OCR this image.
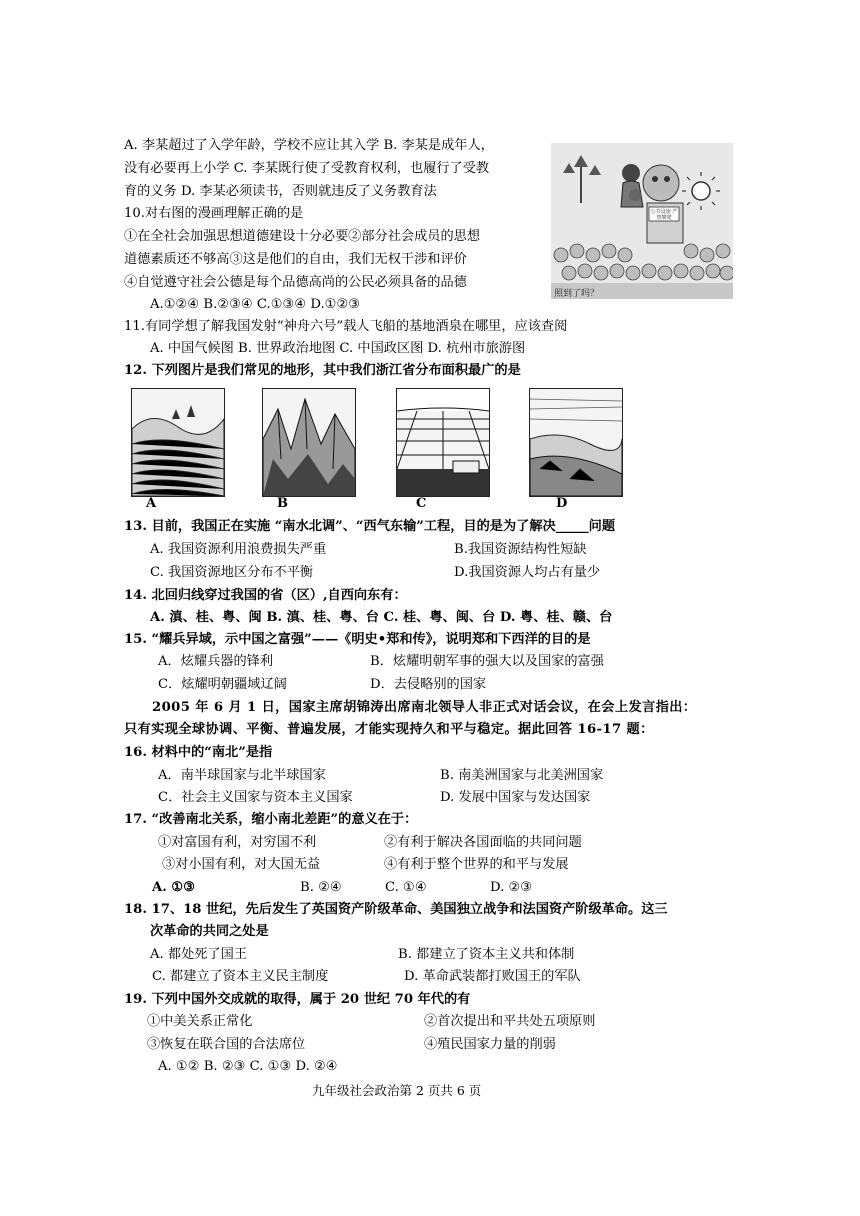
A. 李某超过了入学年龄，学校不应让其入学 B. 李某是成年人，
没有必要再上小学 C. 李某既行使了受教育权利，也履行了受教
育的义务 D. 李某必须读书，否则就违反了义务教育法
10.对右图的漫画理解正确的是
①在全社会加强思想道德建设十分必要②部分社会成员的思想
道德素质还不够高③这是他们的自由，我们无权干涉和评价
④自觉遵守社会公德是每个品德高尚的公民必须具备的品德
A.①②④ B.②③④ C.①③④ D.①②③
公共设施 严禁攀爬
照到了吗？
11.有同学想了解我国发射“神舟六号”载人飞船的基地酒泉在哪里，应该查阅
A. 中国气候图 B. 世界政治地图 C. 中国政区图 D. 杭州市旅游图
12. 下列图片是我们常见的地形，其中我们浙江省分布面积最广的是
A	B	C	D
13. 目前，我国正在实施 “南水北调”、“西气东输”工程，目的是为了解决_____问题
A. 我国资源利用浪费损失严重	B.我国资源结构性短缺
C. 我国资源地区分布不平衡	D.我国资源人均占有量少
14. 北回归线穿过我国的省（区）,自西向东有：
A. 滇、桂、粤、闽 B. 滇、桂、粤、台 C. 桂、粤、闽、台 D. 粤、桂、赣、台
15. “耀兵异域，示中国之富强”——《明史•郑和传》，说明郑和下西洋的目的是
A．炫耀兵器的锋利	B．炫耀明朝军事的强大以及国家的富强
C．炫耀明朝疆域辽阔	D．去侵略别的国家
2005 年 6 月 1 日，国家主席胡锦涛出席南北领导人非正式对话会议，在会上发言指出：
只有实现全球协调、平衡、普遍发展，才能实现持久和平与稳定。据此回答 16-17 题：
16. 材料中的“南北”是指
A．南半球国家与北半球国家	B. 南美洲国家与北美洲国家
C．社会主义国家与资本主义国家	D. 发展中国家与发达国家
17. “改善南北关系，缩小南北差距”的意义在于：
①对富国有利，对穷国不利	②有利于解决各国面临的共同问题
③对小国有利，对大国无益	④有利于整个世界的和平与发展
A. ①③	B. ②④	C. ①④	D. ②③
18. 17、18 世纪，先后发生了英国资产阶级革命、美国独立战争和法国资产阶级革命。这三
次革命的共同之处是
A. 都处死了国王	B. 都建立了资本主义共和体制
C. 都建立了资本主义民主制度	D. 革命武装都打败国王的军队
19. 下列中国外交成就的取得，属于 20 世纪 70 年代的有
①中美关系正常化	②首次提出和平共处五项原则
③恢复在联合国的合法席位	④殖民国家力量的削弱
A. ①② B. ②③ C. ①③ D. ②④
九年级社会政治第 2 页共 6 页
